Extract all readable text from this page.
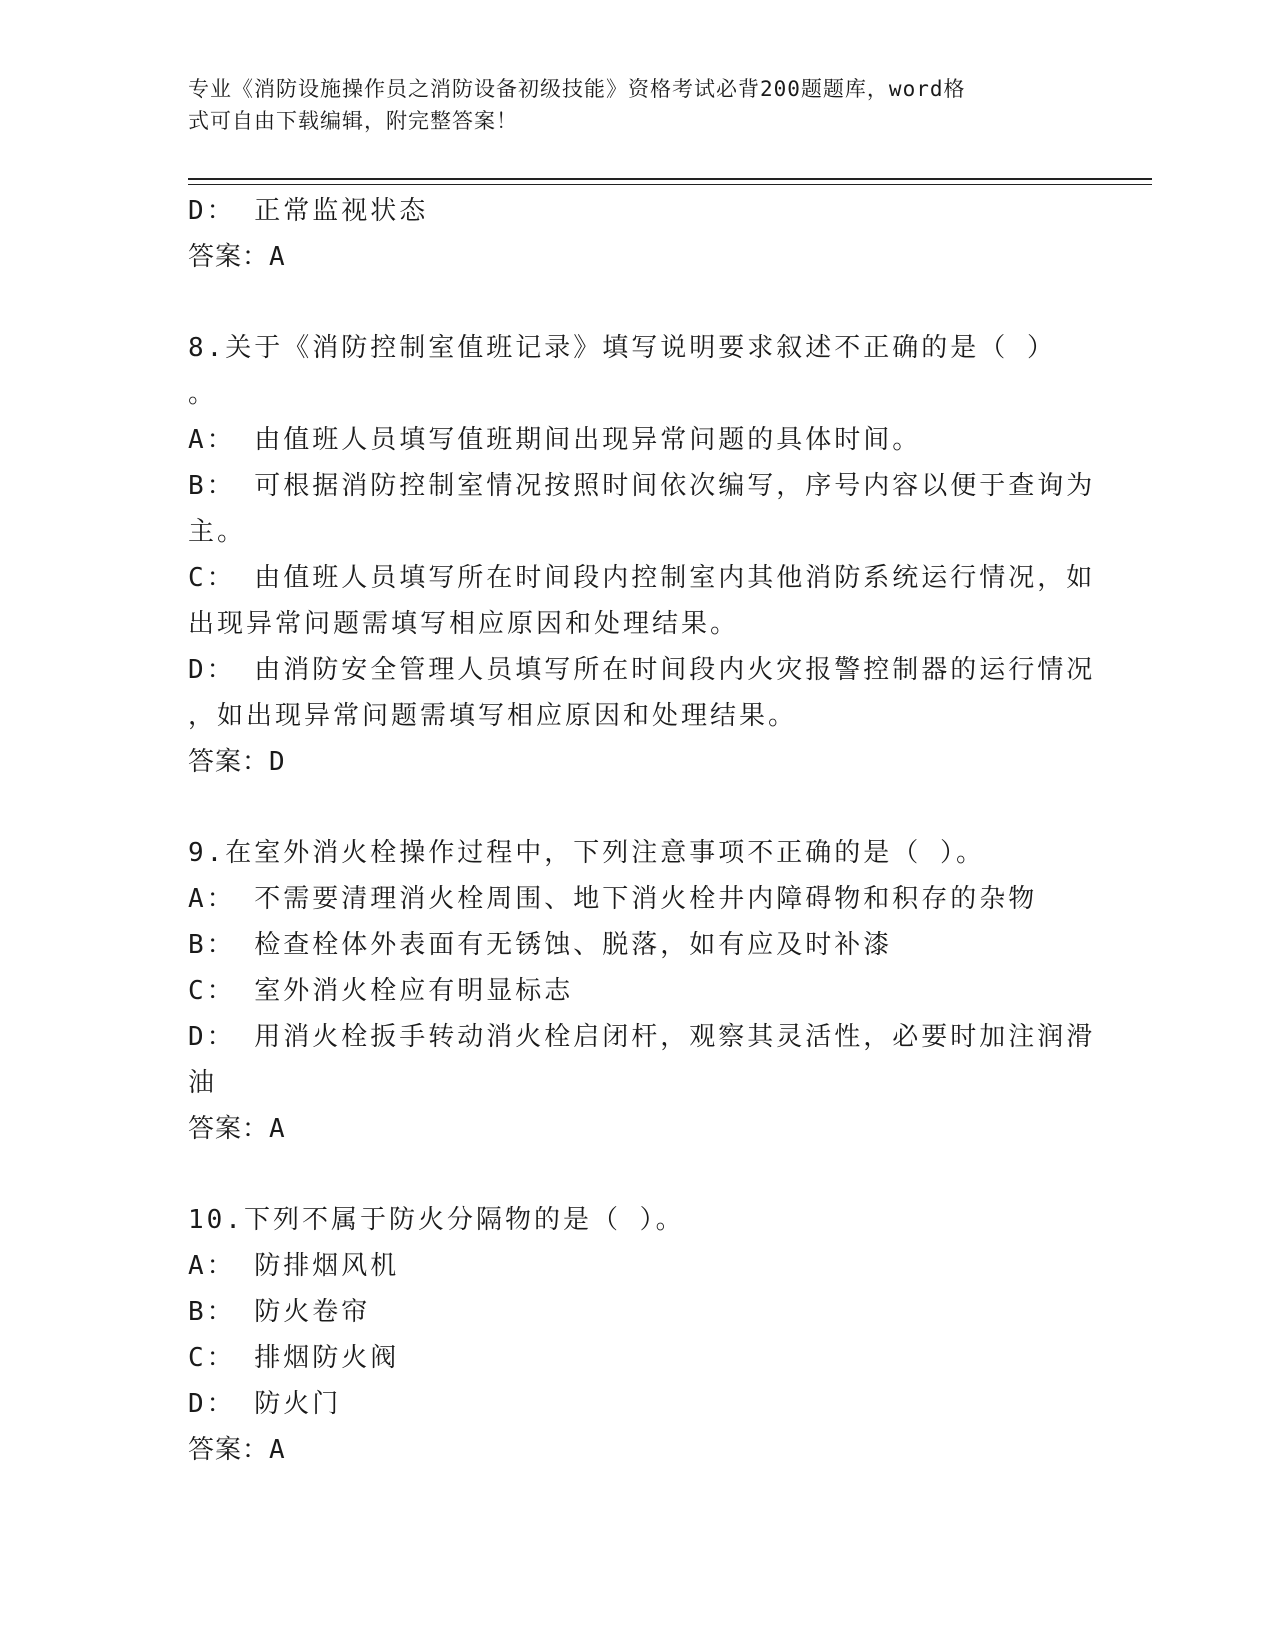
专业《消防设施操作员之消防设备初级技能》资格考试必背200题题库，word格
式可自由下载编辑，附完整答案！
D： 正常监视状态
答案：A
8.关于《消防控制室值班记录》填写说明要求叙述不正确的是（ ）
。
A： 由值班人员填写值班期间出现异常问题的具体时间。
B： 可根据消防控制室情况按照时间依次编写，序号内容以便于查询为
主。
C： 由值班人员填写所在时间段内控制室内其他消防系统运行情况，如
出现异常问题需填写相应原因和处理结果。
D： 由消防安全管理人员填写所在时间段内火灾报警控制器的运行情况
，如出现异常问题需填写相应原因和处理结果。
答案：D
9.在室外消火栓操作过程中，下列注意事项不正确的是（ ）。
A： 不需要清理消火栓周围、地下消火栓井内障碍物和积存的杂物
B： 检查栓体外表面有无锈蚀、脱落，如有应及时补漆
C： 室外消火栓应有明显标志
D： 用消火栓扳手转动消火栓启闭杆，观察其灵活性，必要时加注润滑
油
答案：A
10.下列不属于防火分隔物的是（ ）。
A： 防排烟风机
B： 防火卷帘
C： 排烟防火阀
D： 防火门
答案：A
